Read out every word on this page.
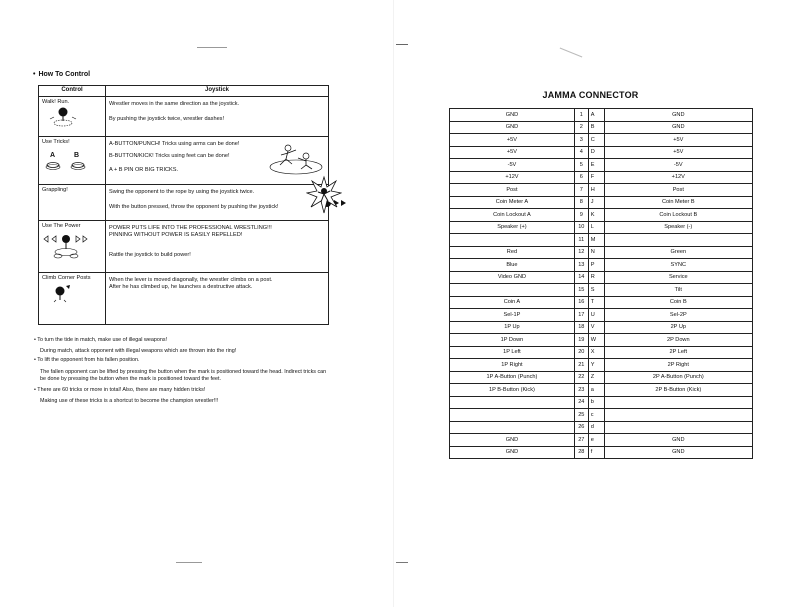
• How To Control
Control	Joystick
Walk! Run.	Wrestler moves in the same direction as the joystick.
By pushing the joystick twice, wrestler dashes!

Use Tricks!
A B	A-BUTTON/PUNCH! Tricks using arms can be done!
B-BUTTON/KICK! Tricks using feet can be done!
A + B PIN OR BIG TRICKS.

Grappling!	Swing the opponent to the rope by using the joystick twice.
With the button pressed, throw the opponent by pushing the joystick!

Use The Power	POWER PUTS LIFE INTO THE PROFESSIONAL WRESTLING!!!
PINNING WITHOUT POWER IS EASILY REPELLED!
Rattle the joystick to build power!

Climb Corner Posts	When the lever is moved diagonally, the wrestler climbs on a post.
After he has climbed up, he launches a destructive attack.

• To turn the tide in match, make use of illegal weapons!

During match, attack opponent with illegal weapons which are thrown into the ring!

• To lift the opponent from his fallen position.

The fallen opponent can be lifted by pressing the button when the mark is positioned toward the head. Indirect tricks can be done by pressing the button when the mark is positioned toward the feet.

• There are 60 tricks or more in total! Also, there are many hidden tricks!

Making use of these tricks is a shortcut to become the champion wrestler!!!

JAMMA CONNECTOR
GND	1	A	GND
GND	2	B	GND
+5V	3	C	+5V
+5V	4	D	+5V
-5V	5	E	-5V
+12V	6	F	+12V
Post	7	H	Post
Coin Meter A	8	J	Coin Meter B
Coin Lockout A	9	K	Coin Lockout B
Speaker (+)	10	L	Speaker (-)
	11	M	
Red	12	N	Green
Blue	13	P	SYNC
Video GND	14	R	Service
	15	S	Tilt
Coin A	16	T	Coin B
Sel-1P	17	U	Sel-2P
1P Up	18	V	2P Up
1P Down	19	W	2P Down
1P Left	20	X	2P Left
1P Right	21	Y	2P Right
1P A-Button (Punch)	22	Z	2P A-Button (Punch)
1P B-Button (Kick)	23	a	2P B-Button (Kick)
	24	b	
	25	c	
	26	d	
GND	27	e	GND
GND	28	f	GND
